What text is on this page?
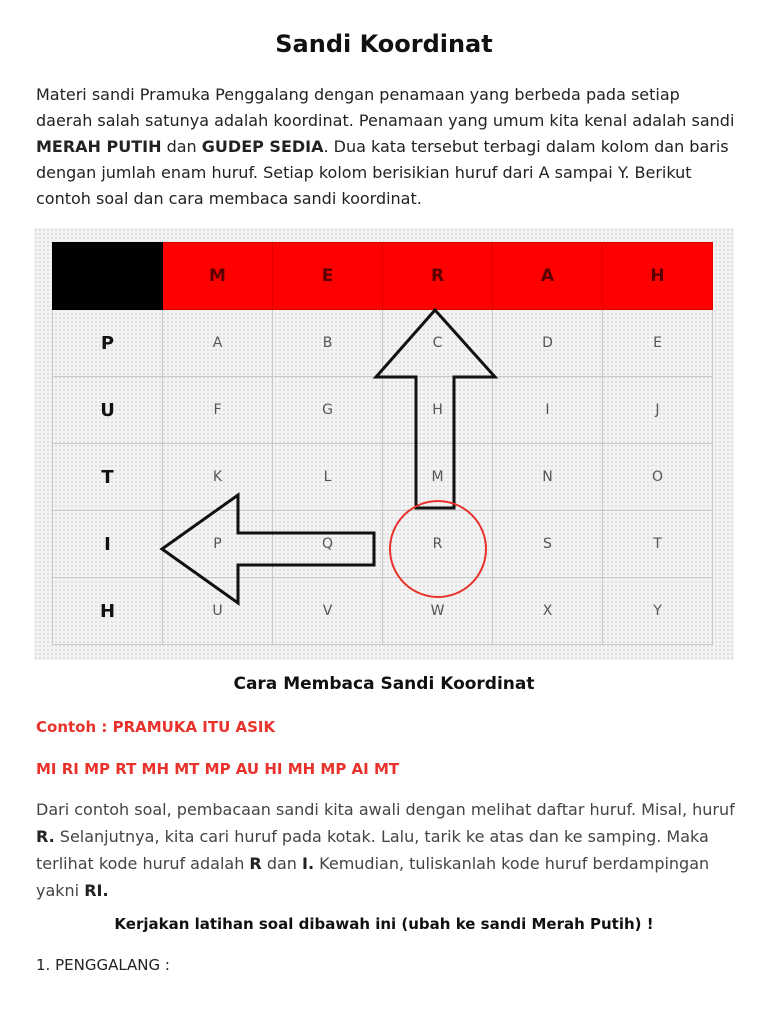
Sandi Koordinat
Materi sandi Pramuka Penggalang dengan penamaan yang berbeda pada setiap daerah salah satunya adalah koordinat. Penamaan yang umum kita kenal adalah sandi MERAH PUTIH dan GUDEP SEDIA. Dua kata tersebut terbagi dalam kolom dan baris dengan jumlah enam huruf. Setiap kolom berisikian huruf dari A sampai Y. Berikut contoh soal dan cara membaca sandi koordinat.
	M	E	R	A	H
P	A	B	C	D	E
U	F	G	H	I	J
T	K	L	M	N	O
I	P	Q	R	S	T
H	U	V	W	X	Y
Cara Membaca Sandi Koordinat
Contoh : PRAMUKA ITU ASIK
MI RI MP RT MH MT MP AU HI MH MP AI MT
Dari contoh soal, pembacaan sandi kita awali dengan melihat daftar huruf. Misal, huruf R. Selanjutnya, kita cari huruf pada kotak. Lalu, tarik ke atas dan ke samping. Maka terlihat kode huruf adalah R dan I. Kemudian, tuliskanlah kode huruf berdampingan yakni RI.
Kerjakan latihan soal dibawah ini (ubah ke sandi Merah Putih) !
1. PENGGALANG :
